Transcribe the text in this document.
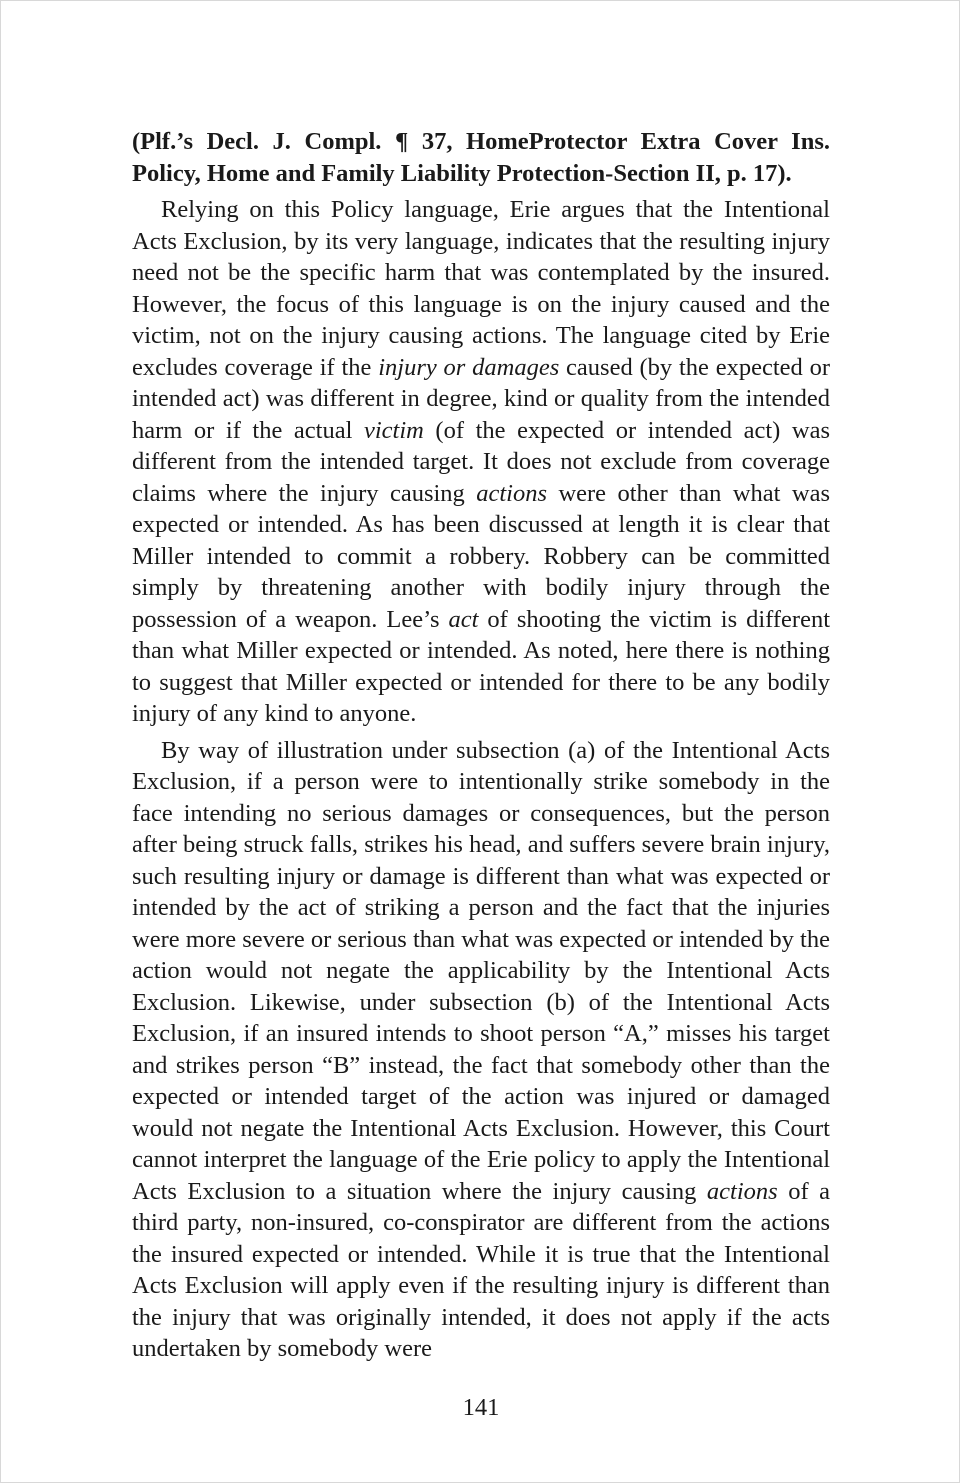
(Plf.’s Decl. J. Compl. ¶ 37, HomeProtector Extra Cover Ins. Policy, Home and Family Liability Protection-Section II, p. 17).

Relying on this Policy language, Erie argues that the Intentional Acts Exclusion, by its very language, indicates that the resulting injury need not be the specific harm that was contemplated by the insured. However, the focus of this language is on the injury caused and the victim, not on the injury causing actions. The language cited by Erie excludes coverage if the injury or damages caused (by the expected or intended act) was different in degree, kind or quality from the intended harm or if the actual victim (of the expected or intended act) was different from the intended target. It does not exclude from coverage claims where the injury causing actions were other than what was expected or intended. As has been discussed at length it is clear that Miller intended to commit a robbery. Robbery can be committed simply by threatening another with bodily injury through the possession of a weapon. Lee’s act of shooting the victim is different than what Miller expected or intended. As noted, here there is nothing to suggest that Miller expected or intended for there to be any bodily injury of any kind to anyone.

By way of illustration under subsection (a) of the Intentional Acts Exclusion, if a person were to intentionally strike somebody in the face intending no serious damages or consequences, but the person after being struck falls, strikes his head, and suffers severe brain injury, such resulting injury or damage is different than what was expected or intended by the act of striking a person and the fact that the injuries were more severe or serious than what was expected or intended by the action would not negate the applicability by the Intentional Acts Exclusion. Likewise, under subsection (b) of the Intentional Acts Exclusion, if an insured intends to shoot person “A,” misses his target and strikes person “B” instead, the fact that somebody other than the expected or intended target of the action was injured or damaged would not negate the Intentional Acts Exclusion. However, this Court cannot interpret the language of the Erie policy to apply the Intentional Acts Exclusion to a situation where the injury causing actions of a third party, non-insured, co-conspirator are different from the actions the insured expected or intended. While it is true that the Intentional Acts Exclusion will apply even if the resulting injury is different than the injury that was originally intended, it does not apply if the acts undertaken by somebody were

141
